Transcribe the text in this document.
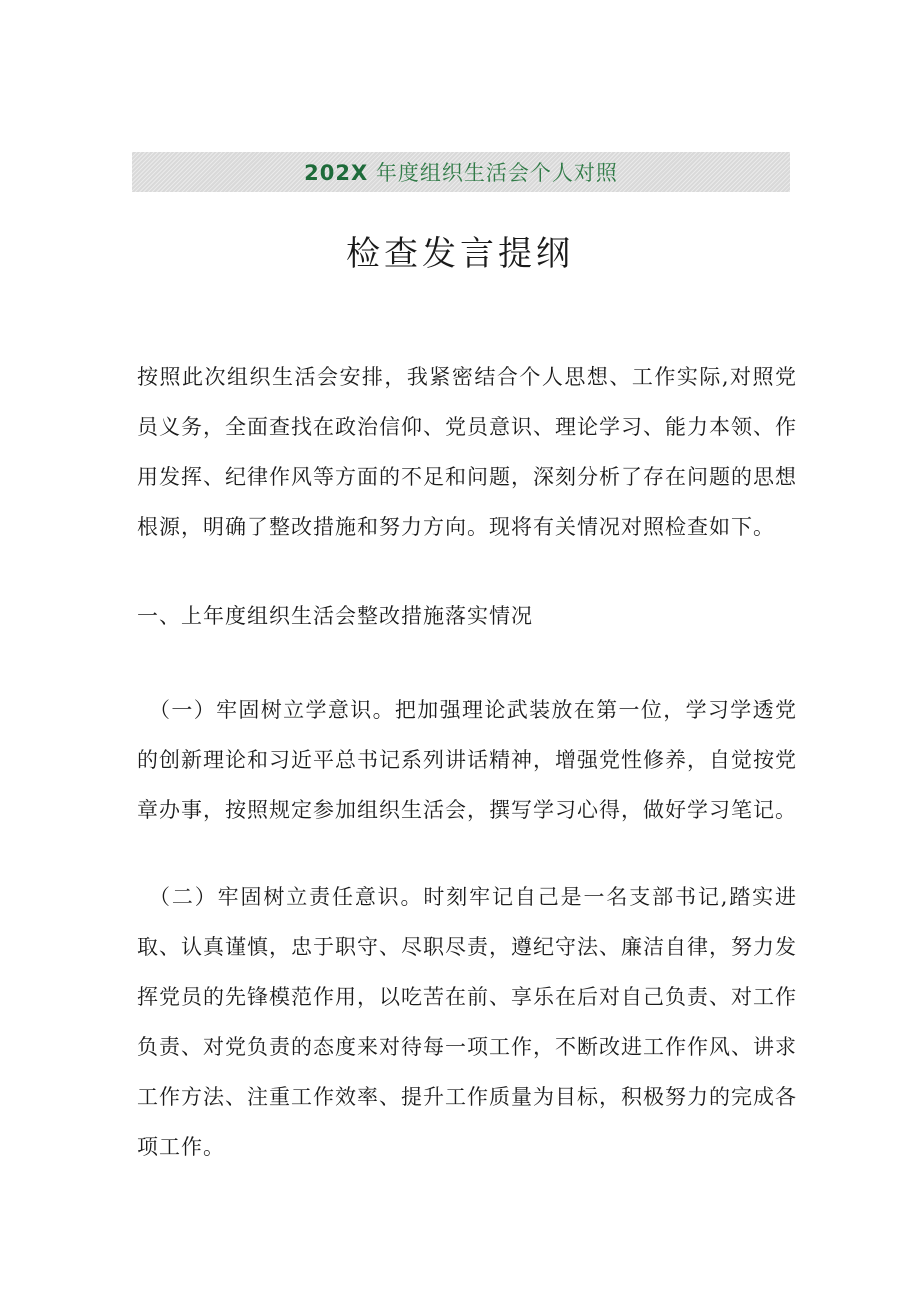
202X 年度组织生活会个人对照
检查发言提纲

按照此次组织生活会安排，我紧密结合个人思想、工作实际,对照党员义务，全面查找在政治信仰、党员意识、理论学习、能力本领、作用发挥、纪律作风等方面的不足和问题，深刻分析了存在问题的思想根源，明确了整改措施和努力方向。现将有关情况对照检查如下。

一、上年度组织生活会整改措施落实情况

（一）牢固树立学意识。把加强理论武装放在第一位，学习学透党的创新理论和习近平总书记系列讲话精神，增强党性修养，自觉按党章办事，按照规定参加组织生活会，撰写学习心得，做好学习笔记。

（二）牢固树立责任意识。时刻牢记自己是一名支部书记,踏实进取、认真谨慎，忠于职守、尽职尽责，遵纪守法、廉洁自律，努力发挥党员的先锋模范作用，以吃苦在前、享乐在后对自己负责、对工作负责、对党负责的态度来对待每一项工作，不断改进工作作风、讲求工作方法、注重工作效率、提升工作质量为目标，积极努力的完成各项工作。
